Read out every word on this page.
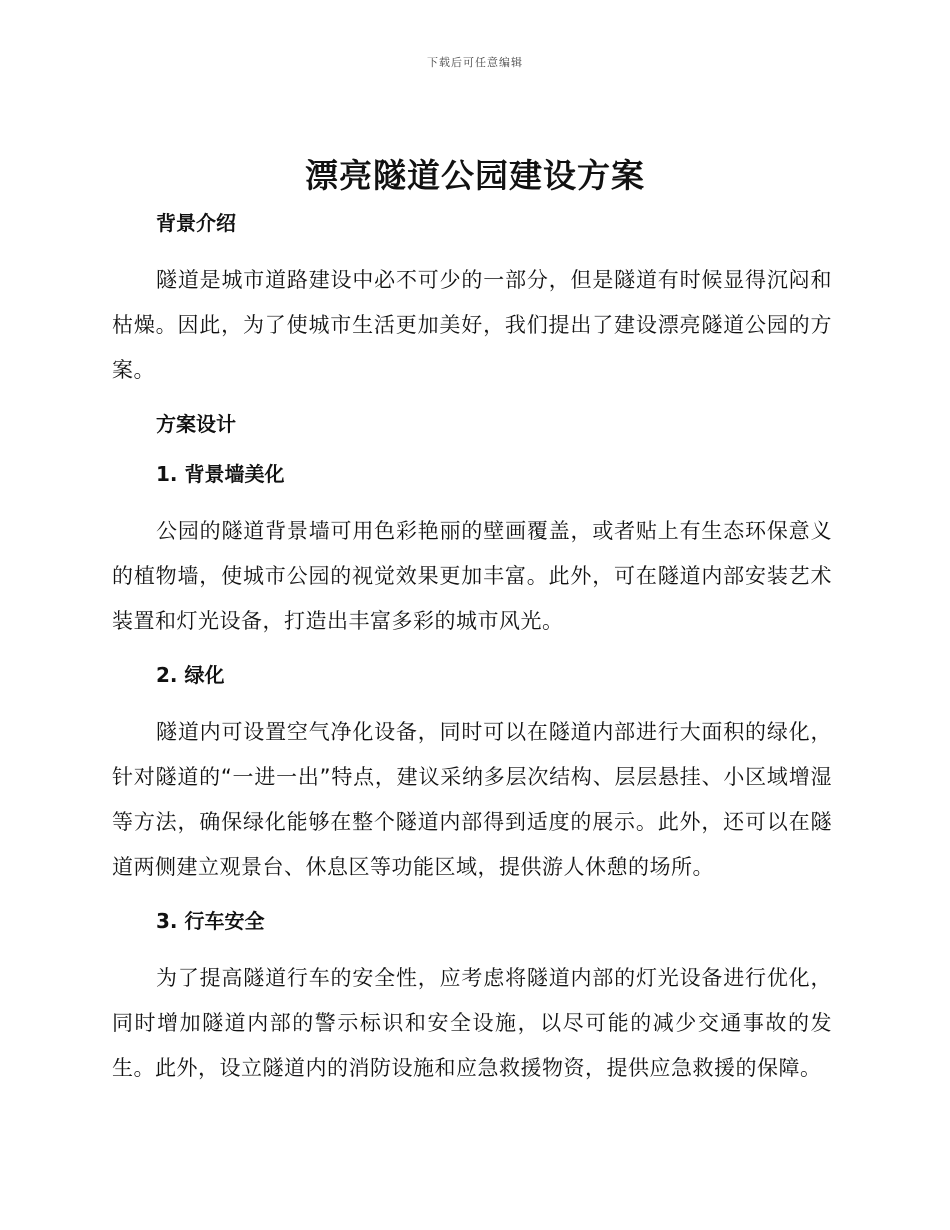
下载后可任意编辑
漂亮隧道公园建设方案
背景介绍

隧道是城市道路建设中必不可少的一部分，但是隧道有时候显得沉闷和枯燥。因此，为了使城市生活更加美好，我们提出了建设漂亮隧道公园的方案。

方案设计
1. 背景墙美化

公园的隧道背景墙可用色彩艳丽的壁画覆盖，或者贴上有生态环保意义的植物墙，使城市公园的视觉效果更加丰富。此外，可在隧道内部安装艺术装置和灯光设备，打造出丰富多彩的城市风光。

2. 绿化

隧道内可设置空气净化设备，同时可以在隧道内部进行大面积的绿化，针对隧道的“一进一出”特点，建议采纳多层次结构、层层悬挂、小区域增湿等方法，确保绿化能够在整个隧道内部得到适度的展示。此外，还可以在隧道两侧建立观景台、休息区等功能区域，提供游人休憩的场所。

3. 行车安全

为了提高隧道行车的安全性，应考虑将隧道内部的灯光设备进行优化，同时增加隧道内部的警示标识和安全设施，以尽可能的减少交通事故的发生。此外，设立隧道内的消防设施和应急救援物资，提供应急救援的保障。
